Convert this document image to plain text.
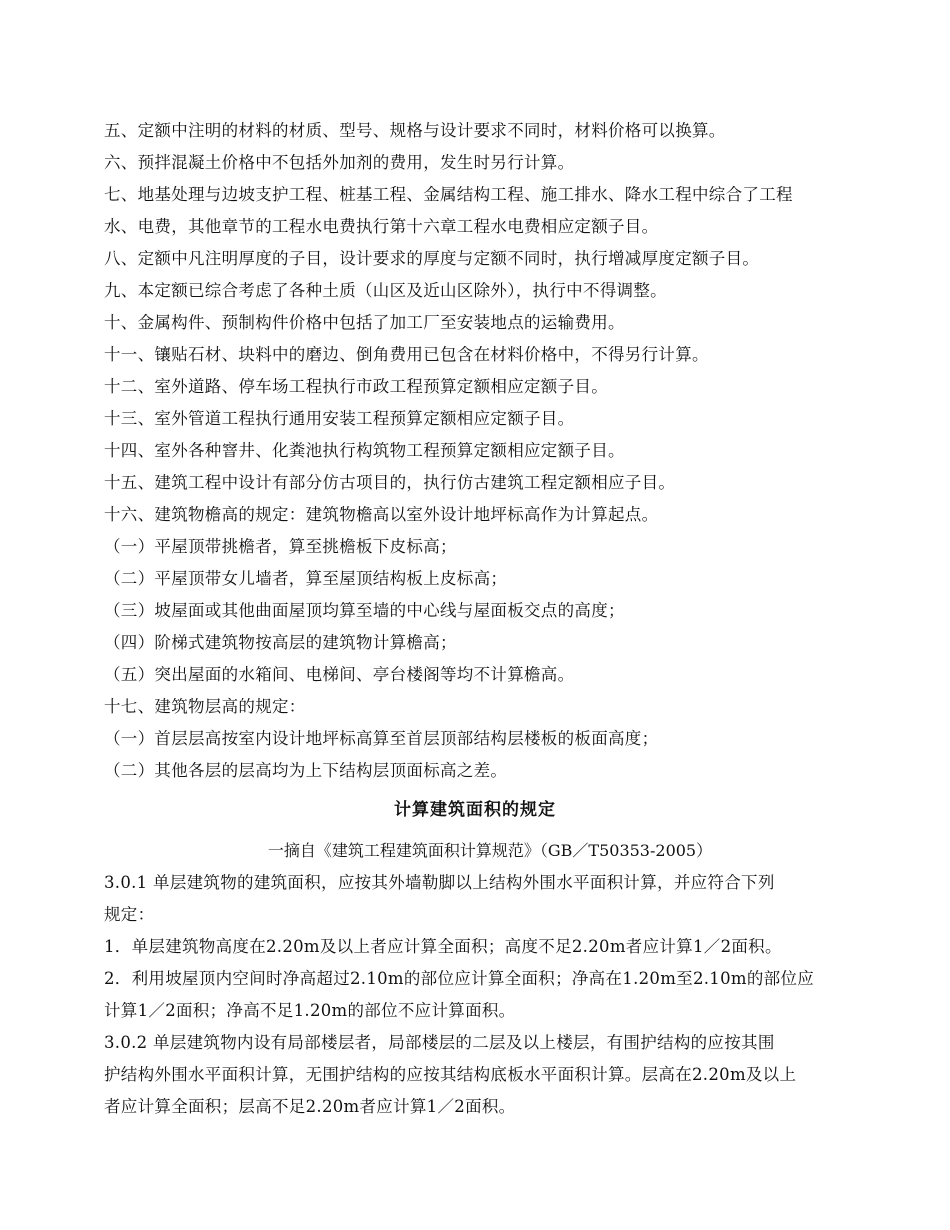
五、定额中注明的材料的材质、型号、规格与设计要求不同时，材料价格可以换算。
六、预拌混凝土价格中不包括外加剂的费用，发生时另行计算。
七、地基处理与边坡支护工程、桩基工程、金属结构工程、施工排水、降水工程中综合了工程
水、电费，其他章节的工程水电费执行第十六章工程水电费相应定额子目。
八、定额中凡注明厚度的子目，设计要求的厚度与定额不同时，执行增减厚度定额子目。
九、本定额已综合考虑了各种土质（山区及近山区除外），执行中不得调整。
十、金属构件、预制构件价格中包括了加工厂至安装地点的运输费用。
十一、镶贴石材、块料中的磨边、倒角费用已包含在材料价格中，不得另行计算。
十二、室外道路、停车场工程执行市政工程预算定额相应定额子目。
十三、室外管道工程执行通用安装工程预算定额相应定额子目。
十四、室外各种窨井、化粪池执行构筑物工程预算定额相应定额子目。
十五、建筑工程中设计有部分仿古项目的，执行仿古建筑工程定额相应子目。
十六、建筑物檐高的规定：建筑物檐高以室外设计地坪标高作为计算起点。
（一）平屋顶带挑檐者，算至挑檐板下皮标高；
（二）平屋顶带女儿墙者，算至屋顶结构板上皮标高；
（三）坡屋面或其他曲面屋顶均算至墙的中心线与屋面板交点的高度；
（四）阶梯式建筑物按高层的建筑物计算檐高；
（五）突出屋面的水箱间、电梯间、亭台楼阁等均不计算檐高。
十七、建筑物层高的规定：
（一）首层层高按室内设计地坪标高算至首层顶部结构层楼板的板面高度；
（二）其他各层的层高均为上下结构层顶面标高之差。
计算建筑面积的规定
一摘自《建筑工程建筑面积计算规范》（GB／T50353-2005）
3.0.1 单层建筑物的建筑面积，应按其外墙勒脚以上结构外围水平面积计算，并应符合下列
规定：
1．单层建筑物高度在2.20m及以上者应计算全面积；高度不足2.20m者应计算1／2面积。
2．利用坡屋顶内空间时净高超过2.10m的部位应计算全面积；净高在1.20m至2.10m的部位应
计算1／2面积；净高不足1.20m的部位不应计算面积。
3.0.2 单层建筑物内设有局部楼层者，局部楼层的二层及以上楼层，有围护结构的应按其围
护结构外围水平面积计算，无围护结构的应按其结构底板水平面积计算。层高在2.20m及以上
者应计算全面积；层高不足2.20m者应计算1／2面积。
